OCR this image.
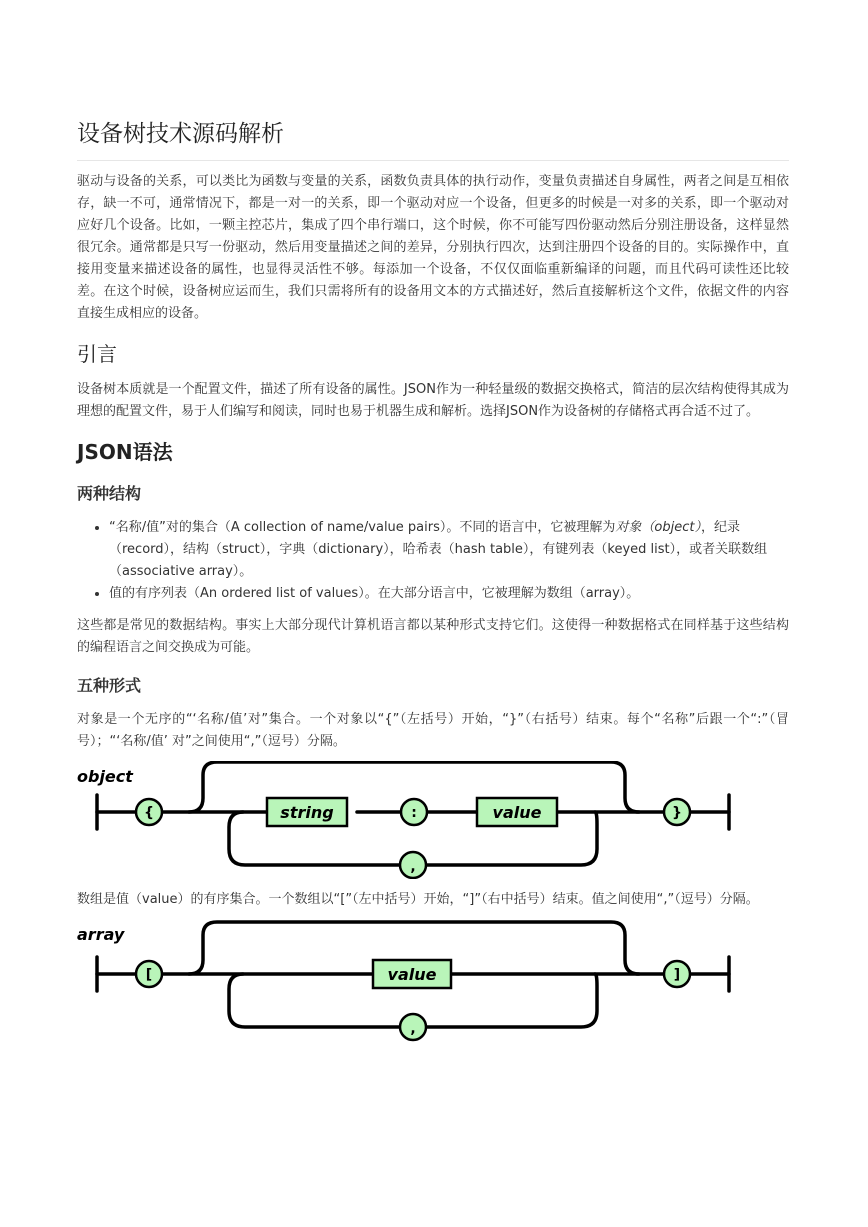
设备树技术源码解析

驱动与设备的关系，可以类比为函数与变量的关系，函数负责具体的执行动作，变量负责描述自身属性，两者之间是互相依存，缺一不可，通常情况下，都是一对一的关系，即一个驱动对应一个设备，但更多的时候是一对多的关系，即一个驱动对应好几个设备。比如，一颗主控芯片，集成了四个串行端口，这个时候，你不可能写四份驱动然后分别注册设备，这样显然很冗余。通常都是只写一份驱动，然后用变量描述之间的差异，分别执行四次，达到注册四个设备的目的。实际操作中，直接用变量来描述设备的属性，也显得灵活性不够。每添加一个设备，不仅仅面临重新编译的问题，而且代码可读性还比较差。在这个时候，设备树应运而生，我们只需将所有的设备用文本的方式描述好，然后直接解析这个文件，依据文件的内容直接生成相应的设备。

引言

设备树本质就是一个配置文件，描述了所有设备的属性。JSON作为一种轻量级的数据交换格式，简洁的层次结构使得其成为理想的配置文件，易于人们编写和阅读，同时也易于机器生成和解析。选择JSON作为设备树的存储格式再合适不过了。

JSON语法
两种结构
• “名称/值”对的集合（A collection of name/value pairs）。不同的语言中，它被理解为对象（object），纪录（record），结构（struct），字典（dictionary），哈希表（hash table），有键列表（keyed list），或者关联数组 （associative array）。
• 值的有序列表（An ordered list of values）。在大部分语言中，它被理解为数组（array）。

这些都是常见的数据结构。事实上大部分现代计算机语言都以某种形式支持它们。这使得一种数据格式在同样基于这些结构的编程语言之间交换成为可能。

五种形式

对象是一个无序的“‘名称/值’对”集合。一个对象以“{”（左括号）开始，“}”（右括号）结束。每个“名称”后跟一个“:”（冒号）；“‘名称/值’ 对”之间使用“,”（逗号）分隔。

{	string	:	value	}
,
object

数组是值（value）的有序集合。一个数组以“[”（左中括号）开始，“]”（右中括号）结束。值之间使用“,”（逗号）分隔。

[	value	]
,
array
